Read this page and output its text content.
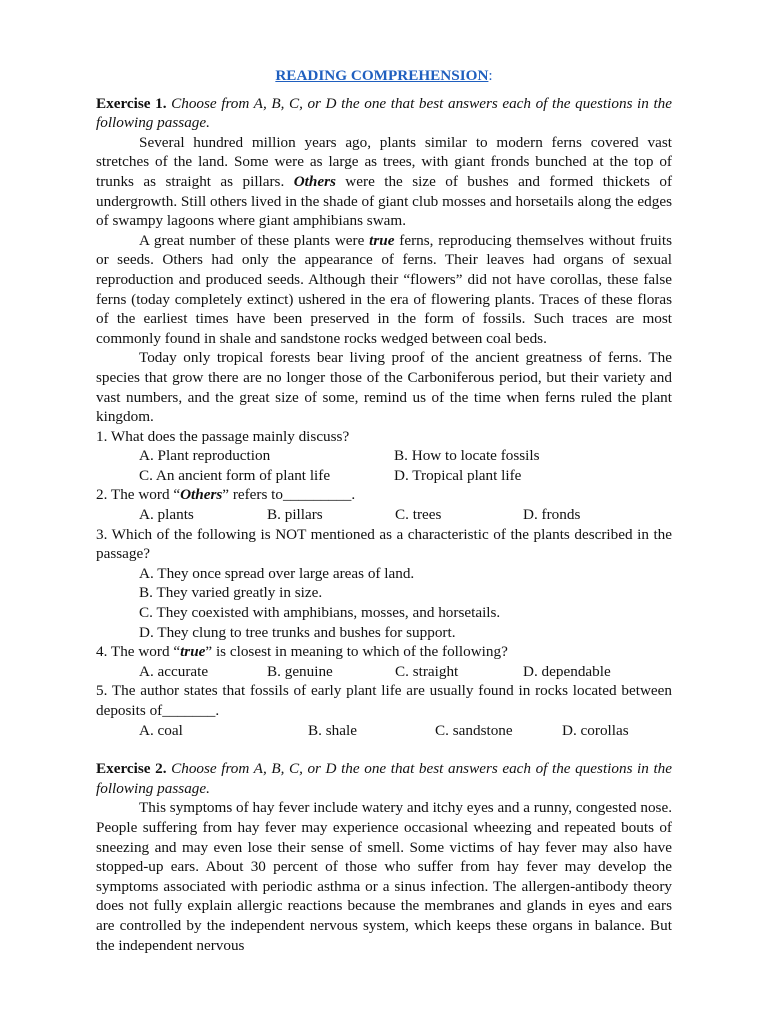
READING COMPREHENSION:

Exercise 1. Choose from A, B, C, or D the one that best answers each of the questions in the following passage.

Several hundred million years ago, plants similar to modern ferns covered vast stretches of the land. Some were as large as trees, with giant fronds bunched at the top of trunks as straight as pillars. Others were the size of bushes and formed thickets of undergrowth. Still others lived in the shade of giant club mosses and horsetails along the edges of swampy lagoons where giant amphibians swam.

A great number of these plants were true ferns, reproducing themselves without fruits or seeds. Others had only the appearance of ferns. Their leaves had organs of sexual reproduction and produced seeds. Although their “flowers” did not have corollas, these false ferns (today completely extinct) ushered in the era of flowering plants. Traces of these floras of the earliest times have been preserved in the form of fossils. Such traces are most commonly found in shale and sandstone rocks wedged between coal beds.

Today only tropical forests bear living proof of the ancient greatness of ferns. The species that grow there are no longer those of the Carboniferous period, but their variety and vast numbers, and the great size of some, remind us of the time when ferns ruled the plant kingdom.

1. What does the passage mainly discuss?

A. Plant reproduction	B. How to locate fossils
C. An ancient form of plant life	D. Tropical plant life

2. The word “Others” refers to_________.

A. plants	B. pillars	C. trees	D. fronds

3. Which of the following is NOT mentioned as a characteristic of the plants described in the passage?

A. They once spread over large areas of land.

B. They varied greatly in size.

C. They coexisted with amphibians, mosses, and horsetails.

D. They clung to tree trunks and bushes for support.

4. The word “true” is closest in meaning to which of the following?

A. accurate	B. genuine	C. straight	D. dependable

5. The author states that fossils of early plant life are usually found in rocks located between deposits of_______.

A. coal	B. shale	C. sandstone	D. corollas

Exercise 2. Choose from A, B, C, or D the one that best answers each of the questions in the following passage.

This symptoms of hay fever include watery and itchy eyes and a runny, congested nose. People suffering from hay fever may experience occasional wheezing and repeated bouts of sneezing and may even lose their sense of smell. Some victims of hay fever may also have stopped-up ears. About 30 percent of those who suffer from hay fever may develop the symptoms associated with periodic asthma or a sinus infection. The allergen-antibody theory does not fully explain allergic reactions because the membranes and glands in eyes and ears are controlled by the independent nervous system, which keeps these organs in balance. But the independent nervous
